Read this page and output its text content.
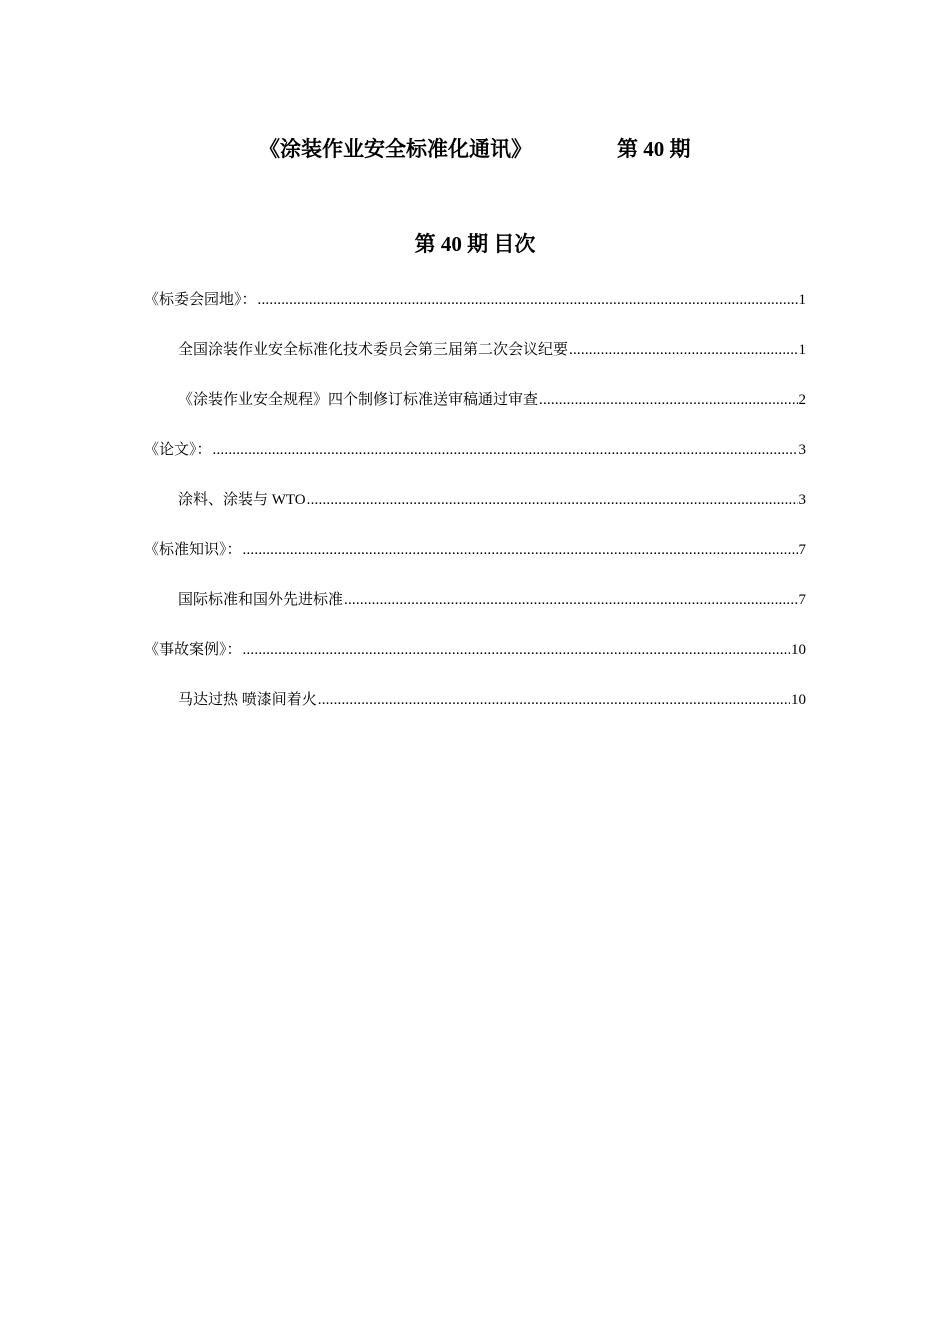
《涂装作业安全标准化通讯》	第 40 期
第 40 期 目次
《标委会园地》： .....	1
全国涂装作业安全标准化技术委员会第三届第二次会议纪要 .....	1
《涂装作业安全规程》四个制修订标准送审稿通过审查 .....	2
《论文》： .....	3
涂料、涂装与 WTO .....	3
《标准知识》： .....	7
国际标准和国外先进标准 .....	7
《事故案例》： .....	10
马达过热 喷漆间着火 .....	10
